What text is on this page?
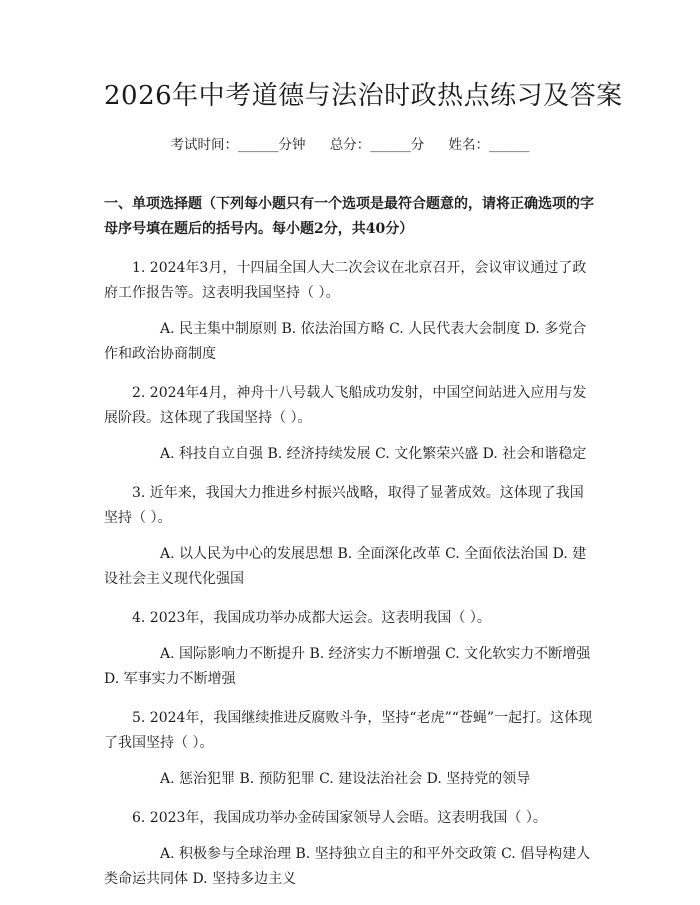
2026年中考道德与法治时政热点练习及答案
考试时间：______分钟 总分：______分 姓名：______
一、单项选择题（下列每小题只有一个选项是最符合题意的，请将正确选项的字母序号填在题后的括号内。每小题2分，共40分）
1. 2024年3月，十四届全国人大二次会议在北京召开，会议审议通过了政府工作报告等。这表明我国坚持（ ）。
A. 民主集中制原则 B. 依法治国方略 C. 人民代表大会制度 D. 多党合作和政治协商制度
2. 2024年4月，神舟十八号载人飞船成功发射，中国空间站进入应用与发展阶段。这体现了我国坚持（ ）。
A. 科技自立自强 B. 经济持续发展 C. 文化繁荣兴盛 D. 社会和谐稳定
3. 近年来，我国大力推进乡村振兴战略，取得了显著成效。这体现了我国坚持（ ）。
A. 以人民为中心的发展思想 B. 全面深化改革 C. 全面依法治国 D. 建设社会主义现代化强国
4. 2023年，我国成功举办成都大运会。这表明我国（ ）。
A. 国际影响力不断提升 B. 经济实力不断增强 C. 文化软实力不断增强 D. 军事实力不断增强
5. 2024年，我国继续推进反腐败斗争，坚持“老虎”“苍蝇”一起打。这体现了我国坚持（ ）。
A. 惩治犯罪 B. 预防犯罪 C. 建设法治社会 D. 坚持党的领导
6. 2023年，我国成功举办金砖国家领导人会晤。这表明我国（ ）。
A. 积极参与全球治理 B. 坚持独立自主的和平外交政策 C. 倡导构建人类命运共同体 D. 坚持多边主义
